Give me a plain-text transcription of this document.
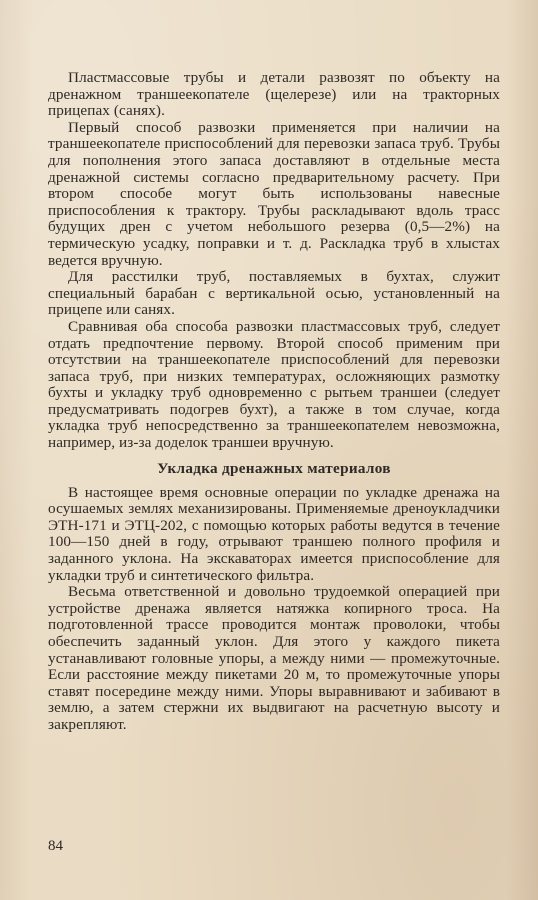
Пластмассовые трубы и детали развозят по объекту на дренажном траншеекопателе (щелерезе) или на тракторных прицепах (санях).

Первый способ развозки применяется при наличии на траншеекопателе приспособлений для перевозки запаса труб. Трубы для пополнения этого запаса доставляют в отдельные места дренажной системы согласно предварительному расчету. При втором способе могут быть использованы навесные приспособления к трактору. Трубы раскладывают вдоль трасс будущих дрен с учетом небольшого резерва (0,5—2%) на термическую усадку, поправки и т. д. Раскладка труб в хлыстах ведется вручную.

Для расстилки труб, поставляемых в бухтах, служит специальный барабан с вертикальной осью, установленный на прицепе или санях.

Сравнивая оба способа развозки пластмассовых труб, следует отдать предпочтение первому. Второй способ применим при отсутствии на траншеекопателе приспособлений для перевозки запаса труб, при низких температурах, осложняющих размотку бухты и укладку труб одновременно с рытьем траншеи (следует предусматривать подогрев бухт), а также в том случае, когда укладка труб непосредственно за траншеекопателем невозможна, например, из-за доделок траншеи вручную.

Укладка дренажных материалов

В настоящее время основные операции по укладке дренажа на осушаемых землях механизированы. Применяемые дреноукладчики ЭТН-171 и ЭТЦ-202, с помощью которых работы ведутся в течение 100—150 дней в году, отрывают траншею полного профиля и заданного уклона. На экскаваторах имеется приспособление для укладки труб и синтетического фильтра.

Весьма ответственной и довольно трудоемкой операцией при устройстве дренажа является натяжка копирного троса. На подготовленной трассе проводится монтаж проволоки, чтобы обеспечить заданный уклон. Для этого у каждого пикета устанавливают головные упоры, а между ними — промежуточные. Если расстояние между пикетами 20 м, то промежуточные упоры ставят посередине между ними. Упоры выравнивают и забивают в землю, а затем стержни их выдвигают на расчетную высоту и закрепляют.

84
